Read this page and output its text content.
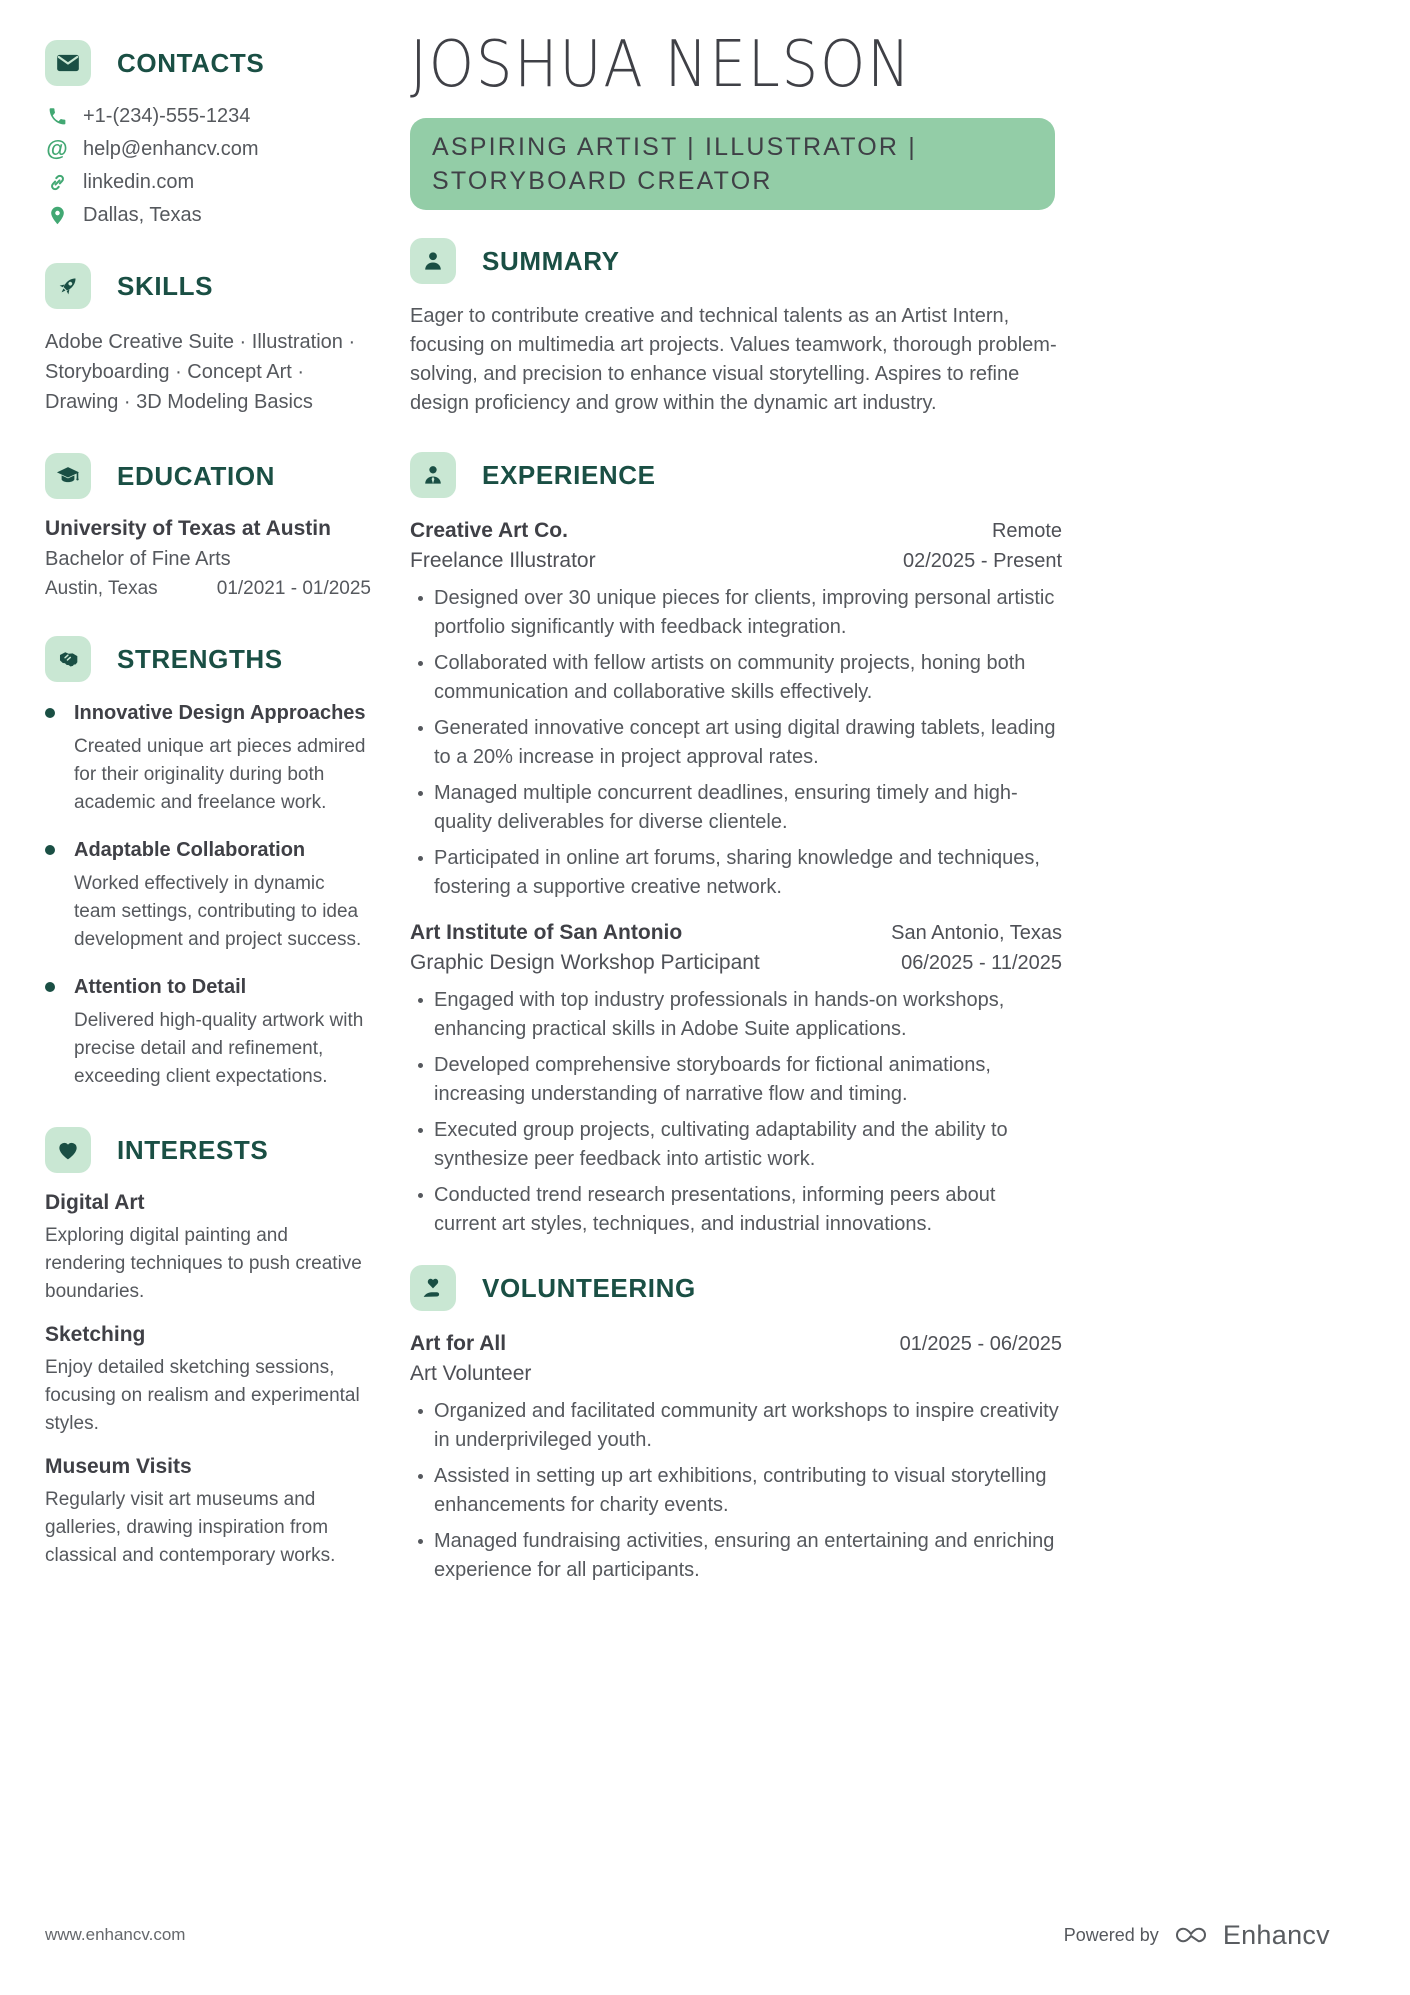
CONTACTS
+1-(234)-555-1234
@ help@enhancv.com
linkedin.com
Dallas, Texas
SKILLS

Adobe Creative Suite · Illustration · Storyboarding · Concept Art · Drawing · 3D Modeling Basics

EDUCATION
University of Texas at Austin
Bachelor of Fine Arts
Austin, Texas	01/2021 - 01/2025
STRENGTHS
Innovative Design Approaches

Created unique art pieces admired for their originality during both academic and freelance work.

Adaptable Collaboration

Worked effectively in dynamic team settings, contributing to idea development and project success.

Attention to Detail

Delivered high-quality artwork with precise detail and refinement, exceeding client expectations.

INTERESTS
Digital Art

Exploring digital painting and rendering techniques to push creative boundaries.

Sketching

Enjoy detailed sketching sessions, focusing on realism and experimental styles.

Museum Visits

Regularly visit art museums and galleries, drawing inspiration from classical and contemporary works.

JOSHUA NELSON
ASPIRING ARTIST | ILLUSTRATOR |
STORYBOARD CREATOR
SUMMARY

Eager to contribute creative and technical talents as an Artist Intern, focusing on multimedia art projects. Values teamwork, thorough problem-solving, and precision to enhance visual storytelling. Aspires to refine design proficiency and grow within the dynamic art industry.

EXPERIENCE
Creative Art Co.	Remote
Freelance Illustrator	02/2025 - Present
Designed over 30 unique pieces for clients, improving personal artistic portfolio significantly with feedback integration.
Collaborated with fellow artists on community projects, honing both communication and collaborative skills effectively.
Generated innovative concept art using digital drawing tablets, leading to a 20% increase in project approval rates.
Managed multiple concurrent deadlines, ensuring timely and high-quality deliverables for diverse clientele.
Participated in online art forums, sharing knowledge and techniques, fostering a supportive creative network.
Art Institute of San Antonio	San Antonio, Texas
Graphic Design Workshop Participant	06/2025 - 11/2025
Engaged with top industry professionals in hands-on workshops, enhancing practical skills in Adobe Suite applications.
Developed comprehensive storyboards for fictional animations, increasing understanding of narrative flow and timing.
Executed group projects, cultivating adaptability and the ability to synthesize peer feedback into artistic work.
Conducted trend research presentations, informing peers about current art styles, techniques, and industrial innovations.
VOLUNTEERING
Art for All	01/2025 - 06/2025
Art Volunteer
Organized and facilitated community art workshops to inspire creativity in underprivileged youth.
Assisted in setting up art exhibitions, contributing to visual storytelling enhancements for charity events.
Managed fundraising activities, ensuring an entertaining and enriching experience for all participants.
www.enhancv.com	Powered by Enhancv
